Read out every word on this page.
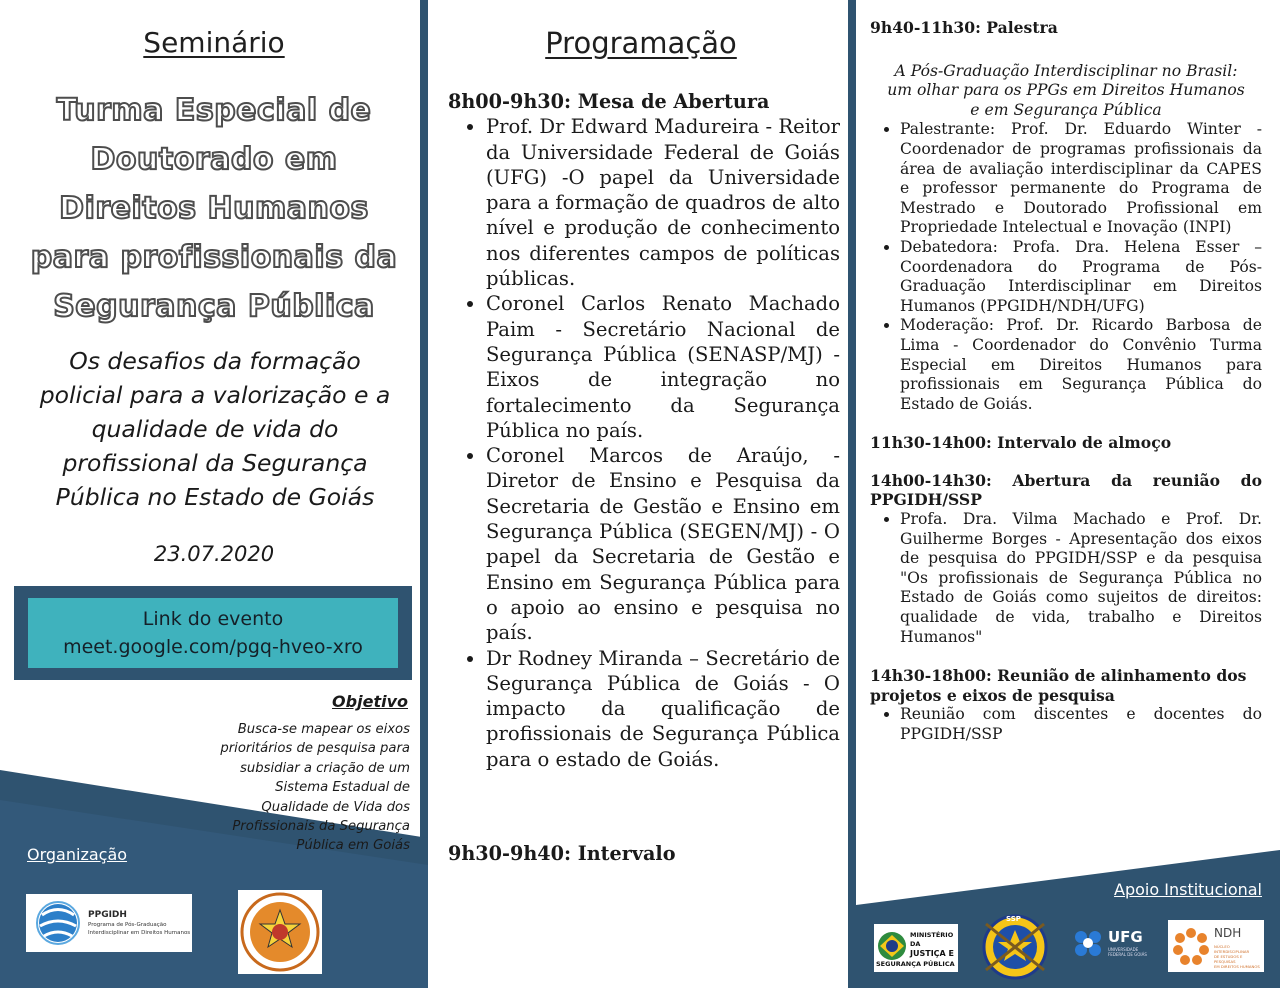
Seminário
Turma Especial de
Doutorado em
Direitos Humanos
para profissionais da
Segurança Pública
Os desafios da formação
policial para a valorização e a
qualidade de vida do
profissional da Segurança
Pública no Estado de Goiás
23.07.2020
Link do evento
meet.google.com/pgq-hveo-xro
Objetivo
Busca-se mapear os eixos
prioritários de pesquisa para
subsidiar a criação de um
Sistema Estadual de
Qualidade de Vida dos
Profissionais da Segurança
Pública em Goiás
Organização
PPGIDH
Programa de Pós-Graduação
Interdisciplinar em Direitos Humanos
Programação
8h00-9h30: Mesa de Abertura
• Prof. Dr Edward Madureira - Reitor da Universidade Federal de Goiás (UFG) -O papel da Universidade para a formação de quadros de alto nível e produção de conhecimento nos diferentes campos de políticas públicas.
• Coronel Carlos Renato Machado Paim - Secretário Nacional de Segurança Pública (SENASP/MJ) - Eixos de integração no fortalecimento da Segurança Pública no país.
• Coronel Marcos de Araújo, - Diretor de Ensino e Pesquisa da Secretaria de Gestão e Ensino em Segurança Pública (SEGEN/MJ) - O papel da Secretaria de Gestão e Ensino em Segurança Pública para o apoio ao ensino e pesquisa no país.
• Dr Rodney Miranda – Secretário de Segurança Pública de Goiás - O impacto da qualificação de profissionais de Segurança Pública para o estado de Goiás.
9h30-9h40: Intervalo
9h40-11h30: Palestra
A Pós-Graduação Interdisciplinar no Brasil:
um olhar para os PPGs em Direitos Humanos
e em Segurança Pública
• Palestrante: Prof. Dr. Eduardo Winter - Coordenador de programas profissionais da área de avaliação interdisciplinar da CAPES e professor permanente do Programa de Mestrado e Doutorado Profissional em Propriedade Intelectual e Inovação (INPI)
• Debatedora: Profa. Dra. Helena Esser – Coordenadora do Programa de Pós-Graduação Interdisciplinar em Direitos Humanos (PPGIDH/NDH/UFG)
• Moderação: Prof. Dr. Ricardo Barbosa de Lima - Coordenador do Convênio Turma Especial em Direitos Humanos para profissionais em Segurança Pública do Estado de Goiás.
11h30-14h00: Intervalo de almoço
14h00-14h30: Abertura da reunião do PPGIDH/SSP
• Profa. Dra. Vilma Machado e Prof. Dr. Guilherme Borges - Apresentação dos eixos de pesquisa do PPGIDH/SSP e da pesquisa "Os profissionais de Segurança Pública no Estado de Goiás como sujeitos de direitos: qualidade de vida, trabalho e Direitos Humanos"
14h30-18h00: Reunião de alinhamento dos projetos e eixos de pesquisa
• Reunião com discentes e docentes do PPGIDH/SSP
Apoio Institucional
MINISTÉRIO DA
JUSTIÇA E
SEGURANÇA PÚBLICA
SSP
UFG
UNIVERSIDADE
FEDERAL DE GOIÁS
NDH
NÚCLEO INTERDISCIPLINAR
DE ESTUDOS E PESQUISAS
EM DIREITOS HUMANOS
